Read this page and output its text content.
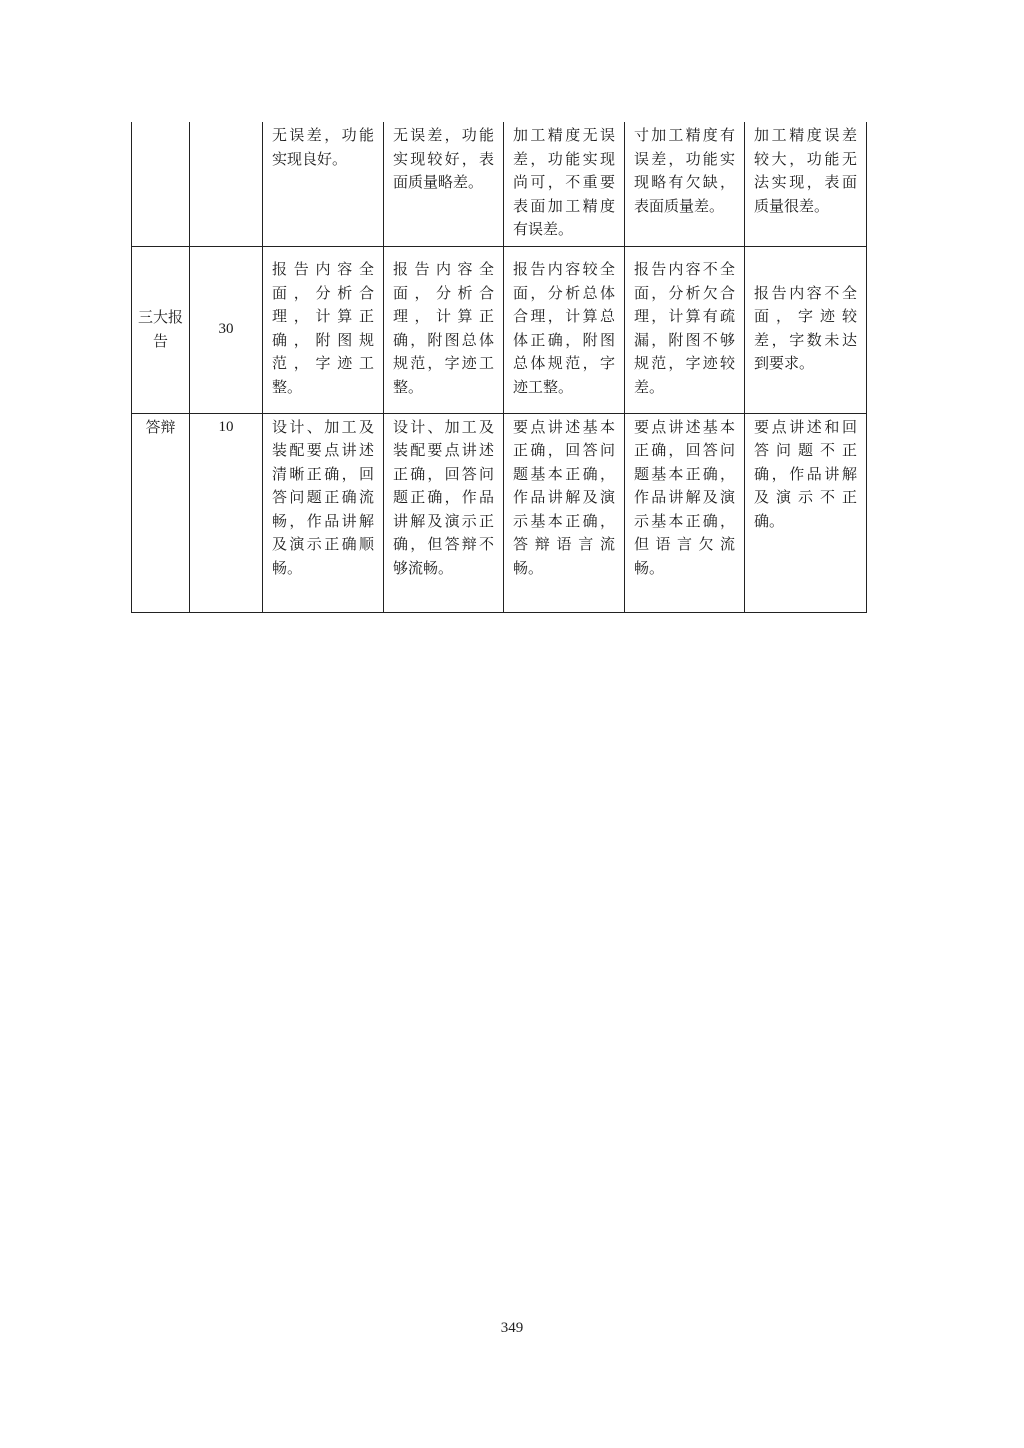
		无误差，功能实现良好。	无误差，功能实现较好，表面质量略差。	加工精度无误差，功能实现尚可，不重要表面加工精度有误差。	寸加工精度有误差，功能实现略有欠缺，表面质量差。	加工精度误差较大，功能无法实现，表面质量很差。
三大报告	30	报告内容全面，分析合理，计算正确，附图规范，字迹工整。	报告内容全面，分析合理，计算正确，附图总体规范，字迹工整。	报告内容较全面，分析总体合理，计算总体正确，附图总体规范，字迹工整。	报告内容不全面，分析欠合理，计算有疏漏，附图不够规范，字迹较差。	报告内容不全面，字迹较差，字数未达到要求。
答辩	10	设计、加工及装配要点讲述清晰正确，回答问题正确流畅，作品讲解及演示正确顺畅。	设计、加工及装配要点讲述正确，回答问题正确，作品讲解及演示正确，但答辩不够流畅。	要点讲述基本正确，回答问题基本正确，作品讲解及演示基本正确，答辩语言流畅。	要点讲述基本正确，回答问题基本正确，作品讲解及演示基本正确，但语言欠流畅。	要点讲述和回答问题不正确，作品讲解及演示不正确。
349
